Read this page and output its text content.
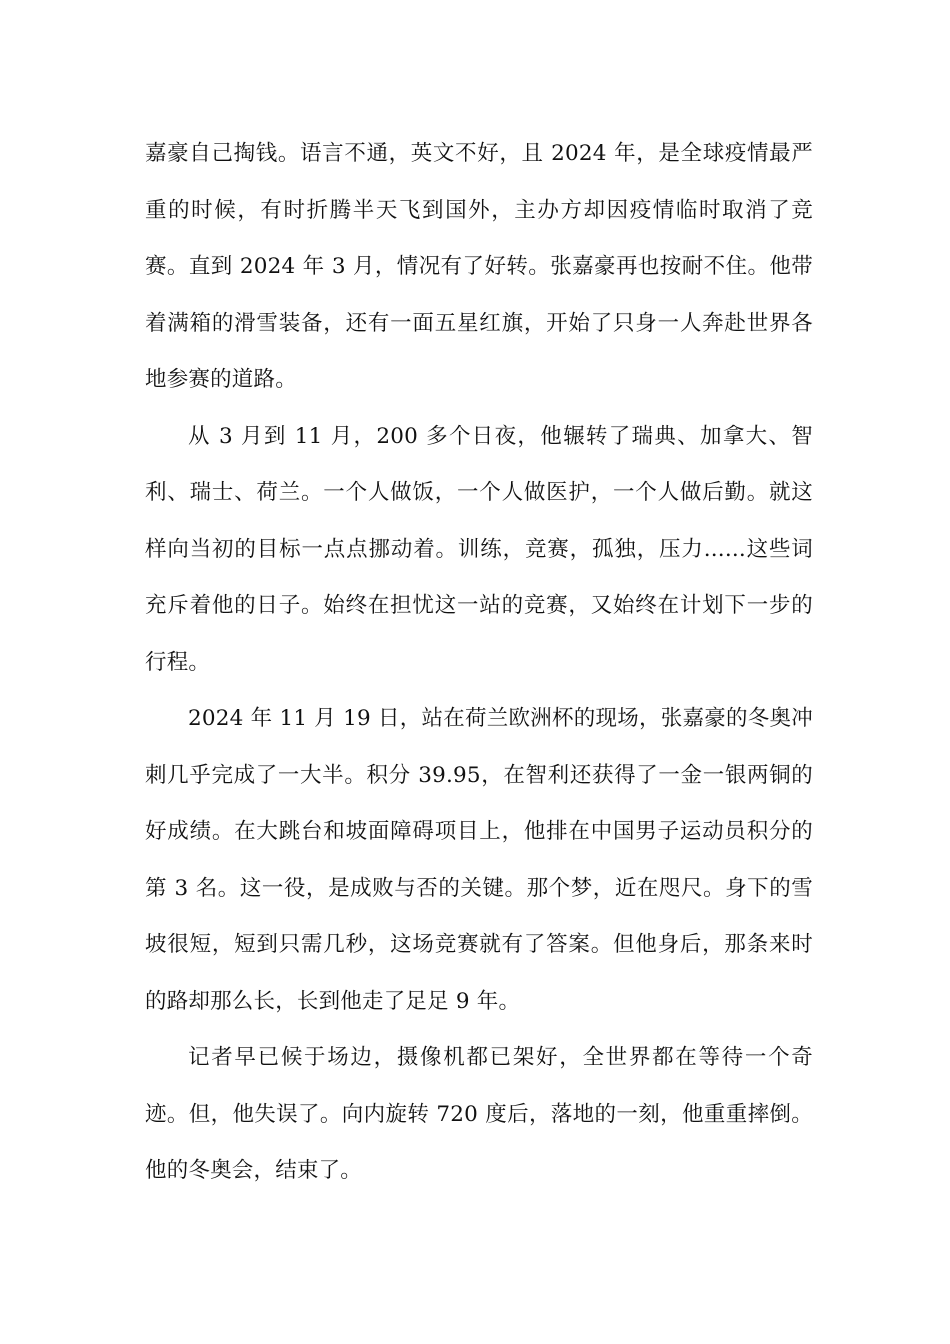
嘉豪自己掏钱。语言不通，英文不好，且 2024 年，是全球疫情最严重的时候，有时折腾半天飞到国外，主办方却因疫情临时取消了竞赛。直到 2024 年 3 月，情况有了好转。张嘉豪再也按耐不住。他带着满箱的滑雪装备，还有一面五星红旗，开始了只身一人奔赴世界各地参赛的道路。

从 3 月到 11 月，200 多个日夜，他辗转了瑞典、加拿大、智利、瑞士、荷兰。一个人做饭，一个人做医护，一个人做后勤。就这样向当初的目标一点点挪动着。训练，竞赛，孤独，压力......这些词充斥着他的日子。始终在担忧这一站的竞赛，又始终在计划下一步的行程。

2024 年 11 月 19 日，站在荷兰欧洲杯的现场，张嘉豪的冬奥冲刺几乎完成了一大半。积分 39.95，在智利还获得了一金一银两铜的好成绩。在大跳台和坡面障碍项目上，他排在中国男子运动员积分的第 3 名。这一役，是成败与否的关键。那个梦，近在咫尺。身下的雪坡很短，短到只需几秒，这场竞赛就有了答案。但他身后，那条来时的路却那么长，长到他走了足足 9 年。

记者早已候于场边，摄像机都已架好，全世界都在等待一个奇迹。但，他失误了。向内旋转 720 度后，落地的一刻，他重重摔倒。他的冬奥会，结束了。
